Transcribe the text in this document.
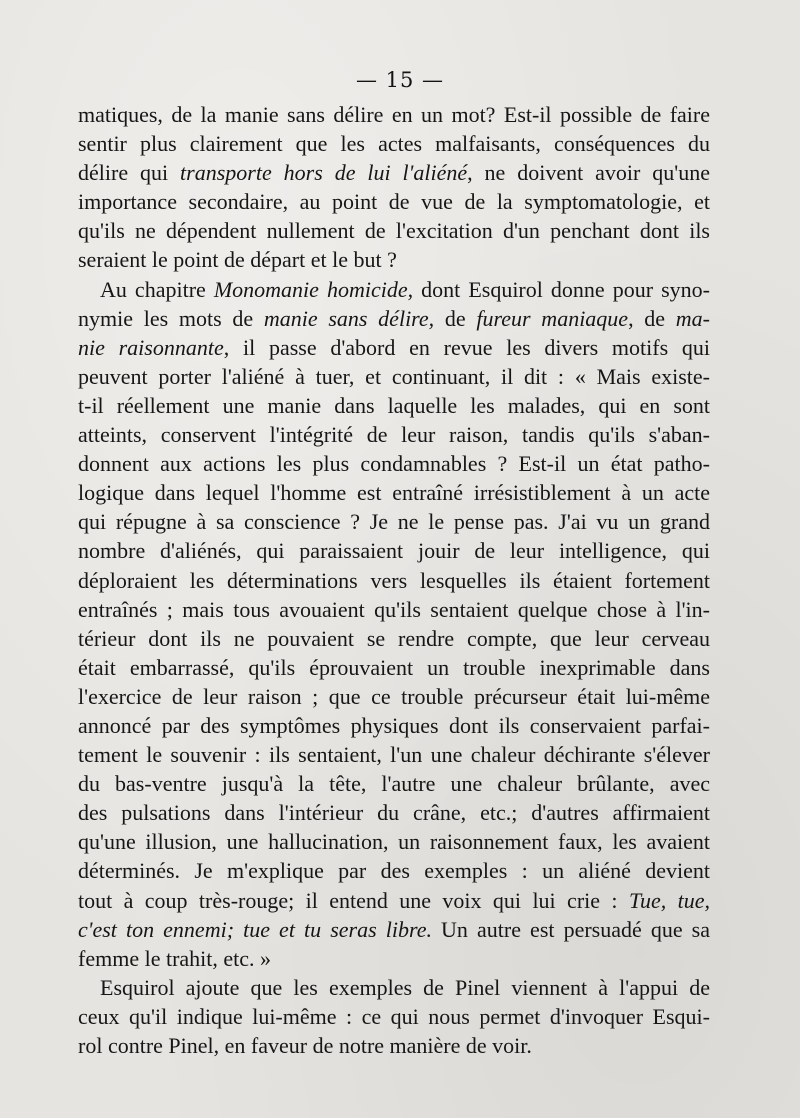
— 15 —
matiques, de la manie sans délire en un mot? Est-il possible de faire
sentir plus clairement que les actes malfaisants, conséquences du
délire qui transporte hors de lui l'aliéné, ne doivent avoir qu'une
importance secondaire, au point de vue de la symptomatologie, et
qu'ils ne dépendent nullement de l'excitation d'un penchant dont ils
seraient le point de départ et le but ?
Au chapitre Monomanie homicide, dont Esquirol donne pour syno-
nymie les mots de manie sans délire, de fureur maniaque, de ma-
nie raisonnante, il passe d'abord en revue les divers motifs qui
peuvent porter l'aliéné à tuer, et continuant, il dit : « Mais existe-
t-il réellement une manie dans laquelle les malades, qui en sont
atteints, conservent l'intégrité de leur raison, tandis qu'ils s'aban-
donnent aux actions les plus condamnables ? Est-il un état patho-
logique dans lequel l'homme est entraîné irrésistiblement à un acte
qui répugne à sa conscience ? Je ne le pense pas. J'ai vu un grand
nombre d'aliénés, qui paraissaient jouir de leur intelligence, qui
déploraient les déterminations vers lesquelles ils étaient fortement
entraînés ; mais tous avouaient qu'ils sentaient quelque chose à l'in-
térieur dont ils ne pouvaient se rendre compte, que leur cerveau
était embarrassé, qu'ils éprouvaient un trouble inexprimable dans
l'exercice de leur raison ; que ce trouble précurseur était lui-même
annoncé par des symptômes physiques dont ils conservaient parfai-
tement le souvenir : ils sentaient, l'un une chaleur déchirante s'élever
du bas-ventre jusqu'à la tête, l'autre une chaleur brûlante, avec
des pulsations dans l'intérieur du crâne, etc.; d'autres affirmaient
qu'une illusion, une hallucination, un raisonnement faux, les avaient
déterminés. Je m'explique par des exemples : un aliéné devient
tout à coup très-rouge; il entend une voix qui lui crie : Tue, tue,
c'est ton ennemi; tue et tu seras libre. Un autre est persuadé que sa
femme le trahit, etc. »
Esquirol ajoute que les exemples de Pinel viennent à l'appui de
ceux qu'il indique lui-même : ce qui nous permet d'invoquer Esqui-
rol contre Pinel, en faveur de notre manière de voir.
